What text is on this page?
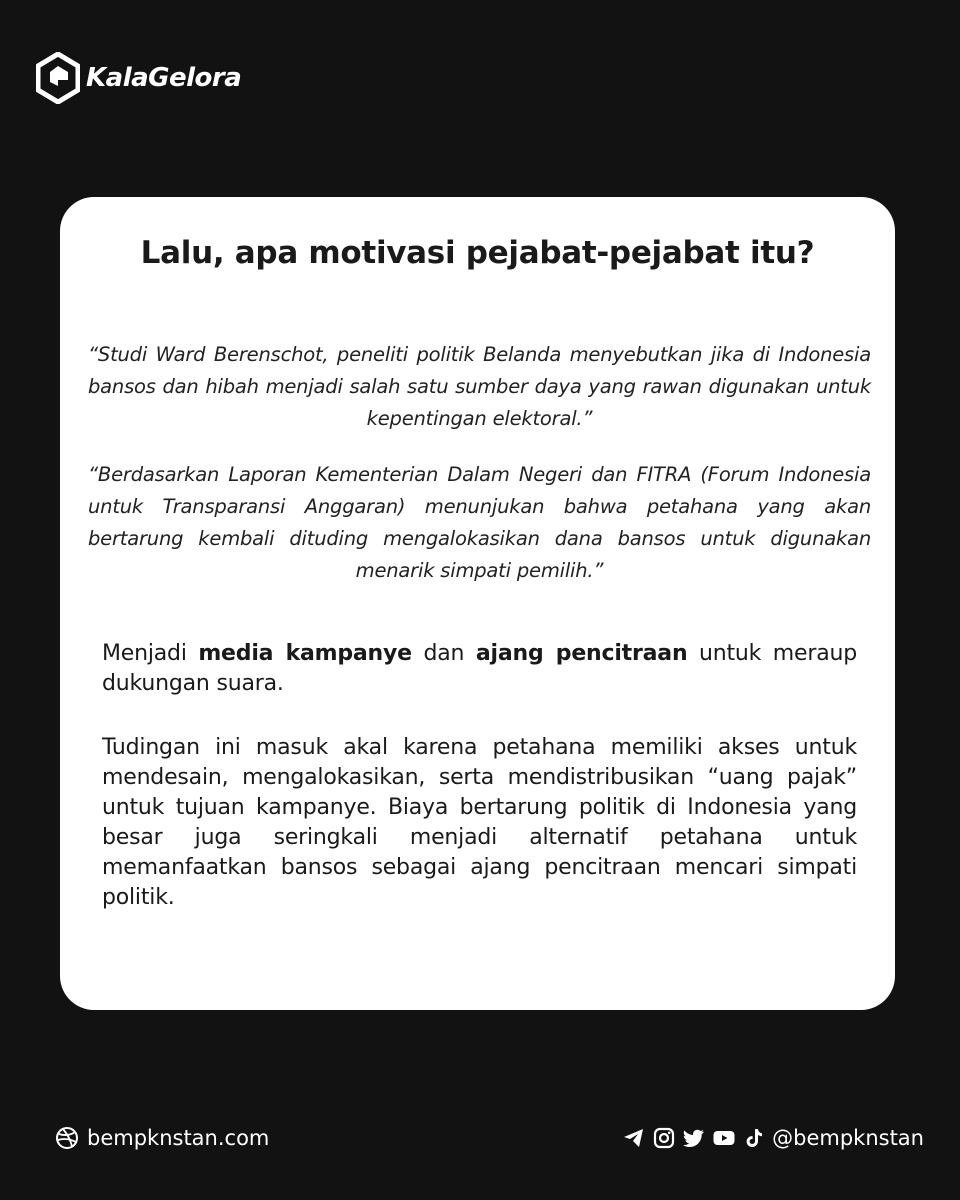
KalaGelora
Lalu, apa motivasi pejabat-pejabat itu?
“Studi Ward Berenschot, peneliti politik Belanda menyebutkan jika di Indonesia bansos dan hibah menjadi salah satu sumber daya yang rawan digunakan untuk kepentingan elektoral.”
“Berdasarkan Laporan Kementerian Dalam Negeri dan FITRA (Forum Indonesia untuk Transparansi Anggaran) menunjukan bahwa petahana yang akan bertarung kembali dituding mengalokasikan dana bansos untuk digunakan menarik simpati pemilih.”
Menjadi media kampanye dan ajang pencitraan untuk meraup dukungan suara.
Tudingan ini masuk akal karena petahana memiliki akses untuk mendesain, mengalokasikan, serta mendistribusikan “uang pajak” untuk tujuan kampanye. Biaya bertarung politik di Indonesia yang besar juga seringkali menjadi alternatif petahana untuk memanfaatkan bansos sebagai ajang pencitraan mencari simpati politik.
bempknstan.com	@bempknstan
